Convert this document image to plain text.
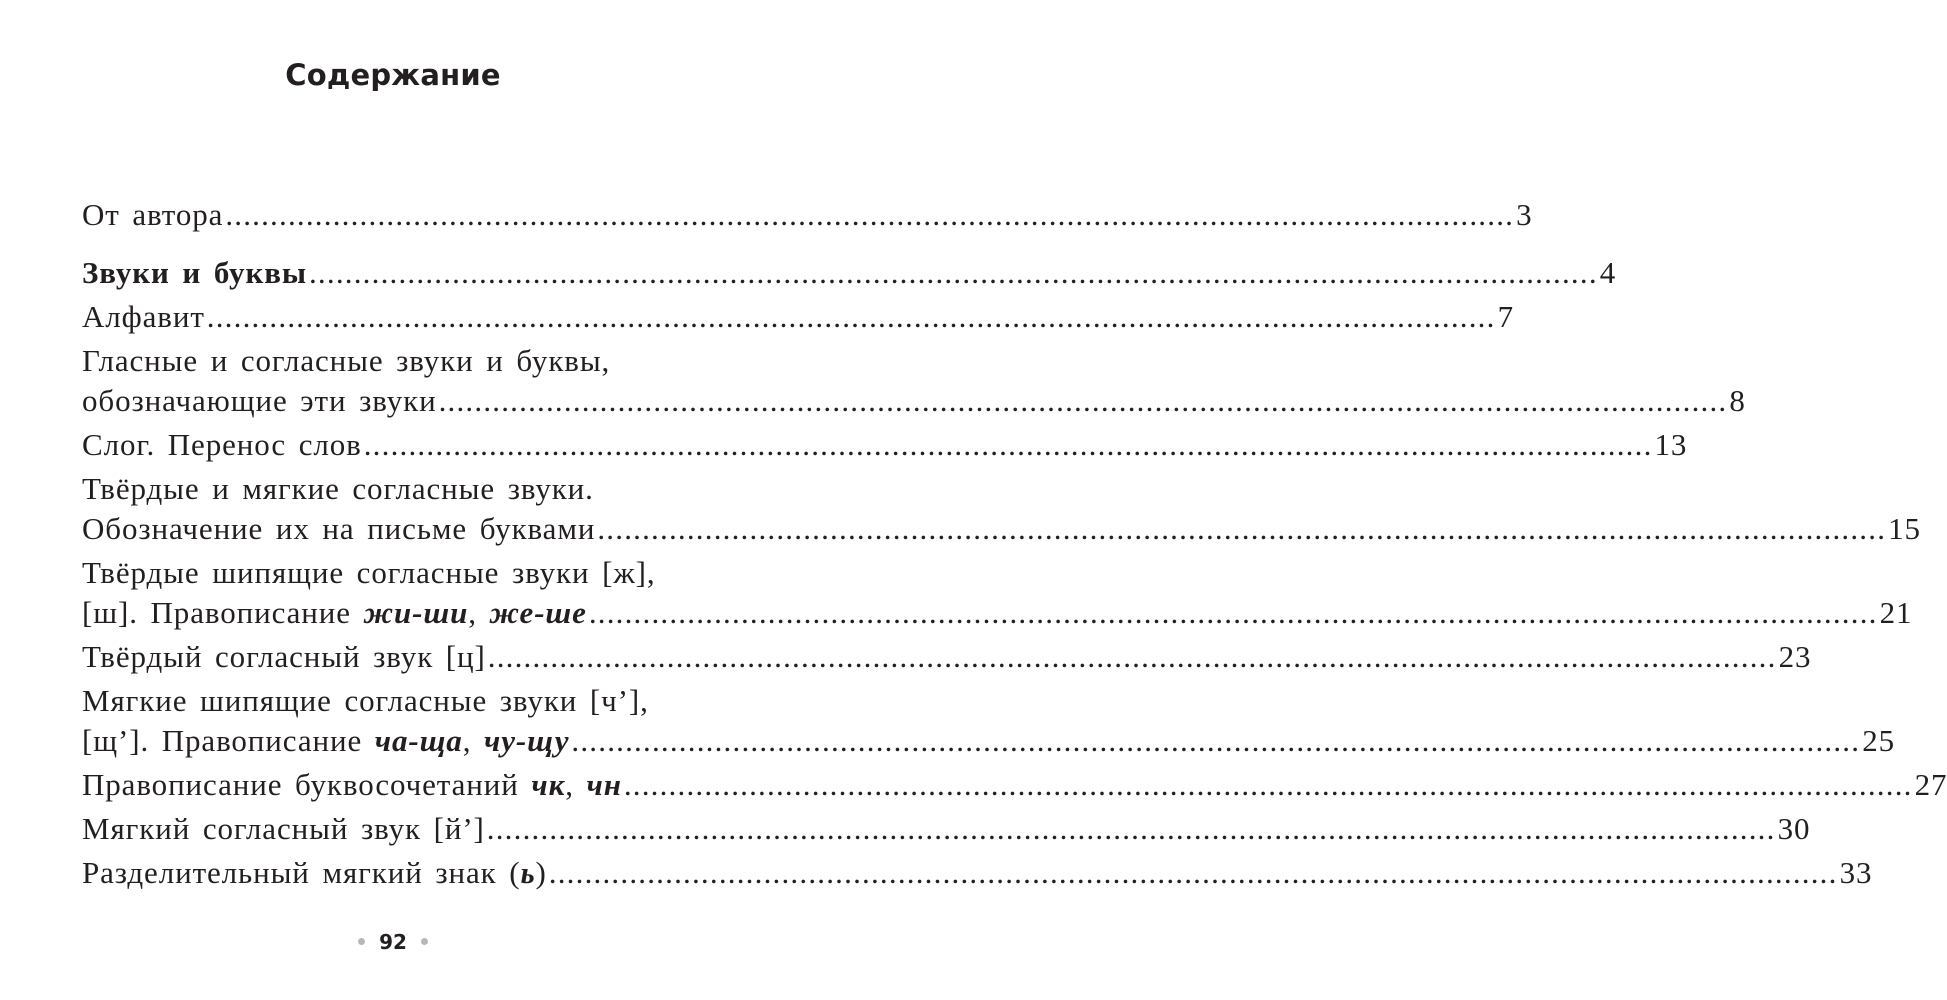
Содержание
От автора ................................................................................................................................................ 3
Звуки и буквы ................................................................................................................................................ 4
Алфавит ................................................................................................................................................ 7
Гласные и согласные звуки и буквы,
обозначающие эти звуки ................................................................................................................................................ 8
Слог. Перенос слов ................................................................................................................................................ 13
Твёрдые и мягкие согласные звуки.
Обозначение их на письме буквами ................................................................................................................................................ 15
Твёрдые шипящие согласные звуки [ж],
[ш]. Правописание жи-ши, же-ше ................................................................................................................................................ 21
Твёрдый согласный звук [ц] ................................................................................................................................................ 23
Мягкие шипящие согласные звуки [ч’],
[щ’]. Правописание ча-ща, чу-щу ................................................................................................................................................ 25
Правописание буквосочетаний чк, чн ................................................................................................................................................ 27
Мягкий согласный звук [й’] ................................................................................................................................................ 30
Разделительный мягкий знак (ь) ................................................................................................................................................ 33
92
